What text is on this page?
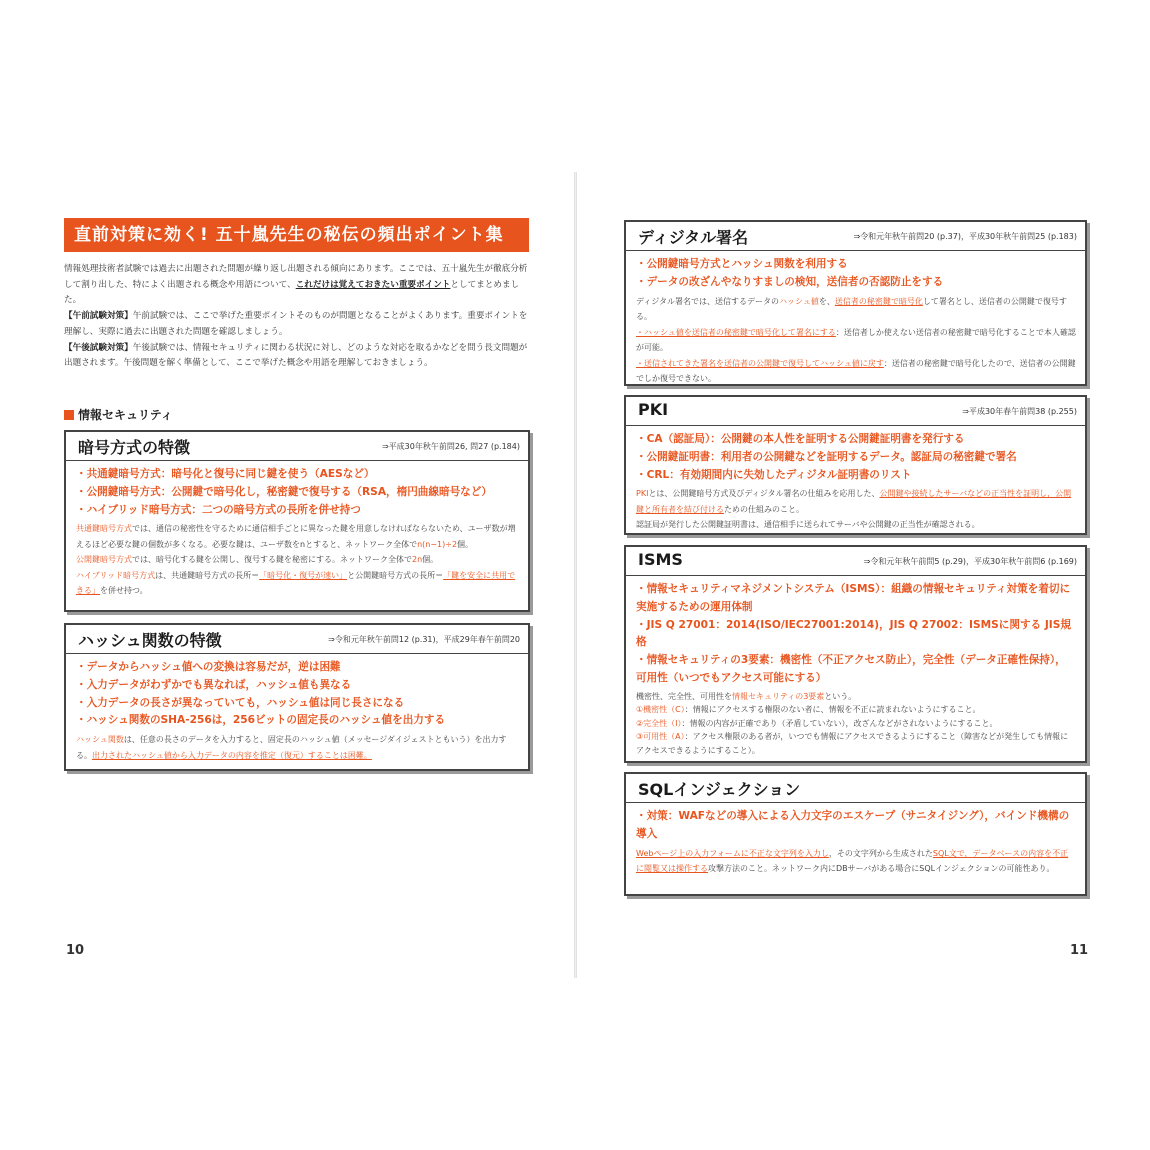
直前対策に効く! 五十嵐先生の秘伝の頻出ポイント集

情報処理技術者試験では過去に出題された問題が繰り返し出題される傾向にあります。ここでは、五十嵐先生が徹底分析して割り出した、特によく出題される概念や用語について、これだけは覚えておきたい重要ポイントとしてまとめました。

【午前試験対策】午前試験では、ここで挙げた重要ポイントそのものが問題となることがよくあります。重要ポイントを理解し、実際に過去に出題された問題を確認しましょう。

【午後試験対策】午後試験では、情報セキュリティに関わる状況に対し、どのような対応を取るかなどを問う長文問題が出題されます。午後問題を解く準備として、ここで挙げた概念や用語を理解しておきましょう。

情報セキュリティ
暗号方式の特徴	⇒平成30年秋午前問26, 問27 (p.184)
・共通鍵暗号方式：暗号化と復号に同じ鍵を使う（AESなど）
・公開鍵暗号方式：公開鍵で暗号化し，秘密鍵で復号する（RSA，楕円曲線暗号など）
・ハイブリッド暗号方式：二つの暗号方式の長所を併せ持つ

共通鍵暗号方式では、通信の秘密性を守るために通信相手ごとに異なった鍵を用意しなければならないため、ユーザ数が増えるほど必要な鍵の個数が多くなる。必要な鍵は、ユーザ数をnとすると、ネットワーク全体でn(n−1)÷2個。

公開鍵暗号方式では、暗号化する鍵を公開し、復号する鍵を秘密にする。ネットワーク全体で2n個。

ハイブリッド暗号方式は、共通鍵暗号方式の長所＝「暗号化・復号が速い」と公開鍵暗号方式の長所＝「鍵を安全に共用できる」を併せ持つ。

ハッシュ関数の特徴	⇒令和元年秋午前問12 (p.31)，平成29年春午前問20
・データからハッシュ値への変換は容易だが，逆は困難
・入力データがわずかでも異なれば，ハッシュ値も異なる
・入力データの長さが異なっていても，ハッシュ値は同じ長さになる
・ハッシュ関数のSHA-256は，256ビットの固定長のハッシュ値を出力する

ハッシュ関数は、任意の長さのデータを入力すると、固定長のハッシュ値（メッセージダイジェストともいう）を出力する。出力されたハッシュ値から入力データの内容を推定（復元）することは困難。

10
ディジタル署名	⇒令和元年秋午前問20 (p.37)，平成30年秋午前問25 (p.183)
・公開鍵暗号方式とハッシュ関数を利用する
・データの改ざんやなりすましの検知，送信者の否認防止をする

ディジタル署名では、送信するデータのハッシュ値を、送信者の秘密鍵で暗号化して署名とし、送信者の公開鍵で復号する。

・ハッシュ値を送信者の秘密鍵で暗号化して署名にする：送信者しか使えない送信者の秘密鍵で暗号化することで本人確認が可能。

・送信されてきた署名を送信者の公開鍵で復号してハッシュ値に戻す：送信者の秘密鍵で暗号化したので、送信者の公開鍵でしか復号できない。

PKI	⇒平成30年春午前問38 (p.255)
・CA（認証局）：公開鍵の本人性を証明する公開鍵証明書を発行する
・公開鍵証明書：利用者の公開鍵などを証明するデータ。認証局の秘密鍵で署名
・CRL：有効期間内に失効したディジタル証明書のリスト

PKIとは、公開鍵暗号方式及びディジタル署名の仕組みを応用した、公開鍵や接続したサーバなどの正当性を証明し，公開鍵と所有者を結び付けるための仕組みのこと。

認証局が発行した公開鍵証明書は、通信相手に送られてサーバや公開鍵の正当性が確認される。

ISMS	⇒令和元年秋午前問5 (p.29)，平成30年秋午前問6 (p.169)
・情報セキュリティマネジメントシステム（ISMS）：組織の情報セキュリティ対策を着切に実施するための運用体制
・JIS Q 27001：2014(ISO/IEC27001:2014)，JIS Q 27002：ISMSに関する JIS規格
・情報セキュリティの3要素：機密性（不正アクセス防止），完全性（データ正確性保持），可用性（いつでもアクセス可能にする）

機密性、完全性、可用性を情報セキュリティの3要素という。

①機密性（C）：情報にアクセスする権限のない者に、情報を不正に読まれないようにすること。

②完全性（I）：情報の内容が正確であり（矛盾していない），改ざんなどがされないようにすること。

③可用性（A）：アクセス権限のある者が，いつでも情報にアクセスできるようにすること（障害などが発生しても情報にアクセスできるようにすること）。

SQLインジェクション
・対策：WAFなどの導入による入力文字のエスケープ（サニタイジング），バインド機構の導入

Webページ上の入力フォームに不正な文字列を入力し，その文字列から生成されたSQL文で，データベースの内容を不正に閲覧又は操作する攻撃方法のこと。ネットワーク内にDBサーバがある場合にSQLインジェクションの可能性あり。

11
